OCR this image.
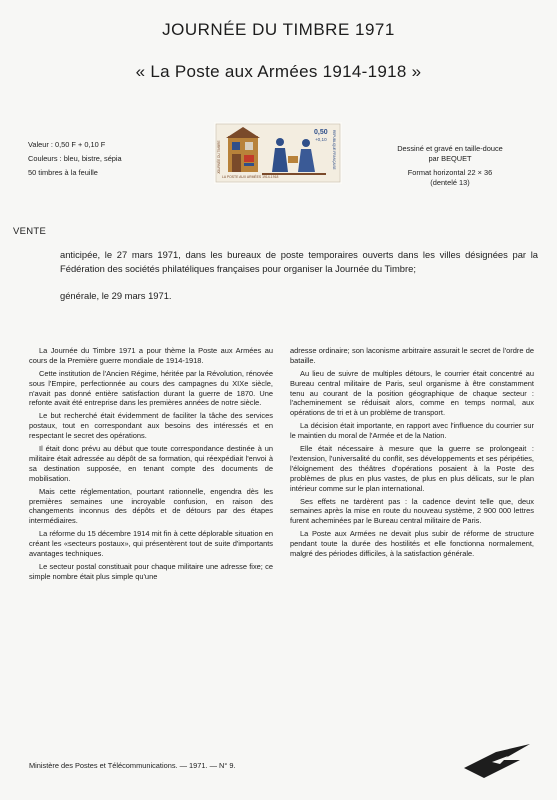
JOURNÉE DU TIMBRE 1971
« La Poste aux Armées 1914-1918 »
Valeur : 0,50 F + 0,10 F
Couleurs : bleu, bistre, sépia
50 timbres à la feuille	LA POSTE AUX ARMÉES 1914-1918
0,50
+0,10 REPUBLIQUE FRANÇAISE
JOURNÉE DU TIMBRE	Dessiné et gravé en taille-douce
par BEQUET
Format horizontal 22 × 36
(dentelé 13)
VENTE

anticipée, le 27 mars 1971, dans les bureaux de poste temporaires ouverts dans les villes désignées par la Fédération des sociétés philatéliques françaises pour organiser la Journée du Timbre;

générale, le 29 mars 1971.

La Journée du Timbre 1971 a pour thème la Poste aux Armées au cours de la Première guerre mondiale de 1914-1918.

Cette institution de l'Ancien Régime, héritée par la Révolution, rénovée sous l'Empire, perfectionnée au cours des campagnes du XIXe siècle, n'avait pas donné entière satisfaction durant la guerre de 1870. Une refonte avait été entreprise dans les premières années de notre siècle.

Le but recherché était évidemment de faciliter la tâche des services postaux, tout en correspondant aux besoins des intéressés et en respectant le secret des opérations.

Il était donc prévu au début que toute correspondance destinée à un militaire était adressée au dépôt de sa formation, qui réexpédiait l'envoi à sa destination supposée, en tenant compte des documents de mobilisation.

Mais cette réglementation, pourtant rationnelle, engendra dès les premières semaines une incroyable confusion, en raison des changements inconnus des dépôts et de détours par des étapes intermédiaires.

La réforme du 15 décembre 1914 mit fin à cette déplorable situation en créant les «secteurs postaux», qui présentèrent tout de suite d'importants avantages techniques.

Le secteur postal constituait pour chaque militaire une adresse fixe; ce simple nombre était plus simple qu'une

adresse ordinaire; son laconisme arbitraire assurait le secret de l'ordre de bataille.

Au lieu de suivre de multiples détours, le courrier était concentré au Bureau central militaire de Paris, seul organisme à être constamment tenu au courant de la position géographique de chaque secteur : l'acheminement se réduisait alors, comme en temps normal, aux opérations de tri et à un problème de transport.

La décision était importante, en rapport avec l'influence du courrier sur le maintien du moral de l'Armée et de la Nation.

Elle était nécessaire à mesure que la guerre se prolongeait : l'extension, l'universalité du conflit, ses développements et ses péripéties, l'éloignement des théâtres d'opérations posaient à la Poste des problèmes de plus en plus vastes, de plus en plus délicats, sur le plan intérieur comme sur le plan international.

Ses effets ne tardèrent pas : la cadence devint telle que, deux semaines après la mise en route du nouveau système, 2 900 000 lettres furent acheminées par le Bureau central militaire de Paris.

La Poste aux Armées ne devait plus subir de réforme de structure pendant toute la durée des hostilités et elle fonctionna normalement, malgré des périodes difficiles, à la satisfaction générale.

Ministère des Postes et Télécommunications. — 1971. — N° 9.
